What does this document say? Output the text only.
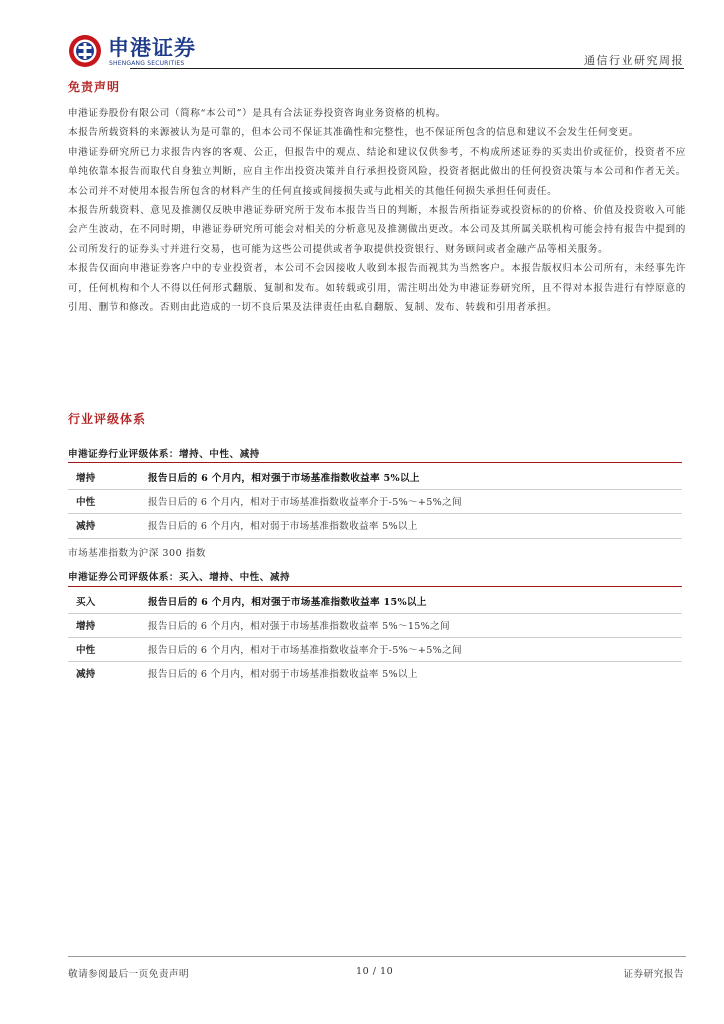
申港证券
SHENGANG SECURITIES	通信行业研究周报
免责声明

申港证券股份有限公司（简称“本公司”）是具有合法证券投资咨询业务资格的机构。

本报告所载资料的来源被认为是可靠的，但本公司不保证其准确性和完整性，也不保证所包含的信息和建议不会发生任何变更。

申港证券研究所已力求报告内容的客观、公正，但报告中的观点、结论和建议仅供参考，不构成所述证券的买卖出价或征价，投资者不应单纯依靠本报告而取代自身独立判断，应自主作出投资决策并自行承担投资风险，投资者据此做出的任何投资决策与本公司和作者无关。本公司并不对使用本报告所包含的材料产生的任何直接或间接损失或与此相关的其他任何损失承担任何责任。

本报告所载资料、意见及推测仅反映申港证券研究所于发布本报告当日的判断，本报告所指证券或投资标的的价格、价值及投资收入可能会产生波动，在不同时期，申港证券研究所可能会对相关的分析意见及推测做出更改。本公司及其所属关联机构可能会持有报告中提到的公司所发行的证券头寸并进行交易，也可能为这些公司提供或者争取提供投资银行、财务顾问或者金融产品等相关服务。

本报告仅面向申港证券客户中的专业投资者，本公司不会因接收人收到本报告而视其为当然客户。本报告版权归本公司所有，未经事先许可，任何机构和个人不得以任何形式翻版、复制和发布。如转载或引用，需注明出处为申港证券研究所，且不得对本报告进行有悖原意的引用、删节和修改。否则由此造成的一切不良后果及法律责任由私自翻版、复制、发布、转载和引用者承担。

行业评级体系
申港证券行业评级体系：增持、中性、减持
增持	报告日后的 6 个月内，相对强于市场基准指数收益率 5%以上
中性	报告日后的 6 个月内，相对于市场基准指数收益率介于-5%～+5%之间
减持	报告日后的 6 个月内，相对弱于市场基准指数收益率 5%以上
市场基准指数为沪深 300 指数
申港证券公司评级体系：买入、增持、中性、减持
买入	报告日后的 6 个月内，相对强于市场基准指数收益率 15%以上
增持	报告日后的 6 个月内，相对强于市场基准指数收益率 5%～15%之间
中性	报告日后的 6 个月内，相对于市场基准指数收益率介于-5%～+5%之间
减持	报告日后的 6 个月内，相对弱于市场基准指数收益率 5%以上
敬请参阅最后一页免责声明	10 / 10	证券研究报告
